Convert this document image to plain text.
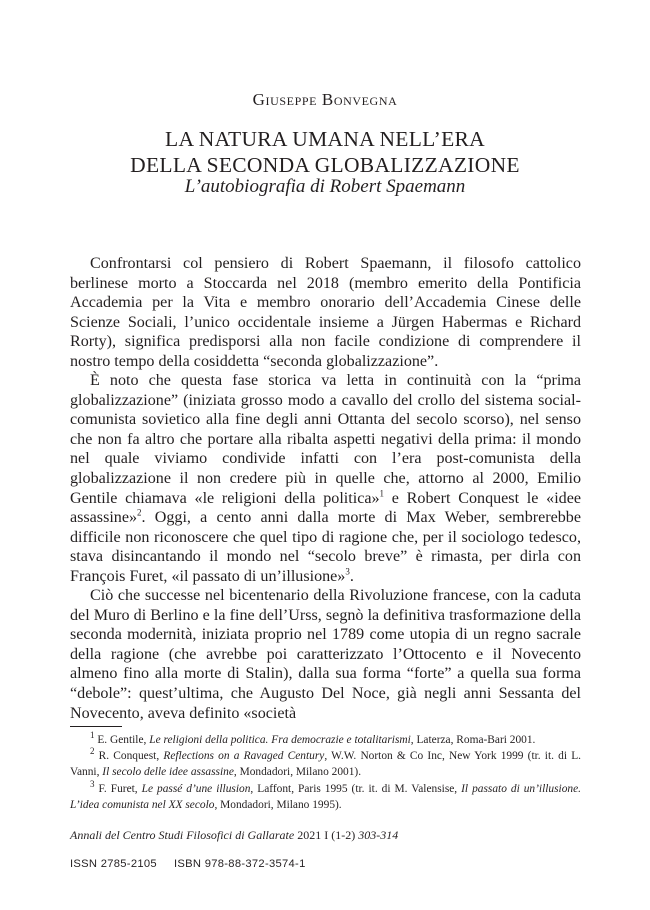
Giuseppe Bonvegna
LA NATURA UMANA NELL’ERA
DELLA SECONDA GLOBALIZZAZIONE
L’autobiografia di Robert Spaemann

Confrontarsi col pensiero di Robert Spaemann, il filosofo cattolico berlinese morto a Stoccarda nel 2018 (membro emerito della Pontificia Accademia per la Vita e membro onorario dell’Accademia Cinese delle Scienze Sociali, l’unico occidentale insieme a Jürgen Habermas e Richard Rorty), significa predisporsi alla non facile condizione di comprendere il nostro tempo della cosiddetta “seconda globalizzazione”.

È noto che questa fase storica va letta in continuità con la “prima globalizzazione” (iniziata grosso modo a cavallo del crollo del sistema social-comunista sovietico alla fine degli anni Ottanta del secolo scorso), nel senso che non fa altro che portare alla ribalta aspetti negativi della prima: il mondo nel quale viviamo condivide infatti con l’era post-comunista della globalizzazione il non credere più in quelle che, attorno al 2000, Emilio Gentile chiamava «le religioni della politica»$^1$ e Robert Conquest le «idee assassine»$^2$. Oggi, a cento anni dalla morte di Max Weber, sembrerebbe difficile non riconoscere che quel tipo di ragione che, per il sociologo tedesco, stava disincantando il mondo nel “secolo breve” è rimasta, per dirla con François Furet, «il passato di un’illusione»$^3$.

Ciò che successe nel bicentenario della Rivoluzione francese, con la caduta del Muro di Berlino e la fine dell’Urss, segnò la definitiva trasformazione della seconda modernità, iniziata proprio nel 1789 come utopia di un regno sacrale della ragione (che avrebbe poi caratterizzato l’Ottocento e il Novecento almeno fino alla morte di Stalin), dalla sua forma “forte” a quella sua forma “debole”: quest’ultima, che Augusto Del Noce, già negli anni Sessanta del Novecento, aveva definito «società

$^1$ E. Gentile, Le religioni della politica. Fra democrazie e totalitarismi, Laterza, Roma-Bari 2001.

$^2$ R. Conquest, Reflections on a Ravaged Century, W.W. Norton & Co Inc, New York 1999 (tr. it. di L. Vanni, Il secolo delle idee assassine, Mondadori, Milano 2001).

$^3$ F. Furet, Le passé d’une illusion, Laffont, Paris 1995 (tr. it. di M. Valensise, Il passato di un’illusione. L’idea comunista nel XX secolo, Mondadori, Milano 1995).

Annali del Centro Studi Filosofici di Gallarate 2021 I (1-2) 303-314
ISSN 2785-2105 ISBN 978-88-372-3574-1
